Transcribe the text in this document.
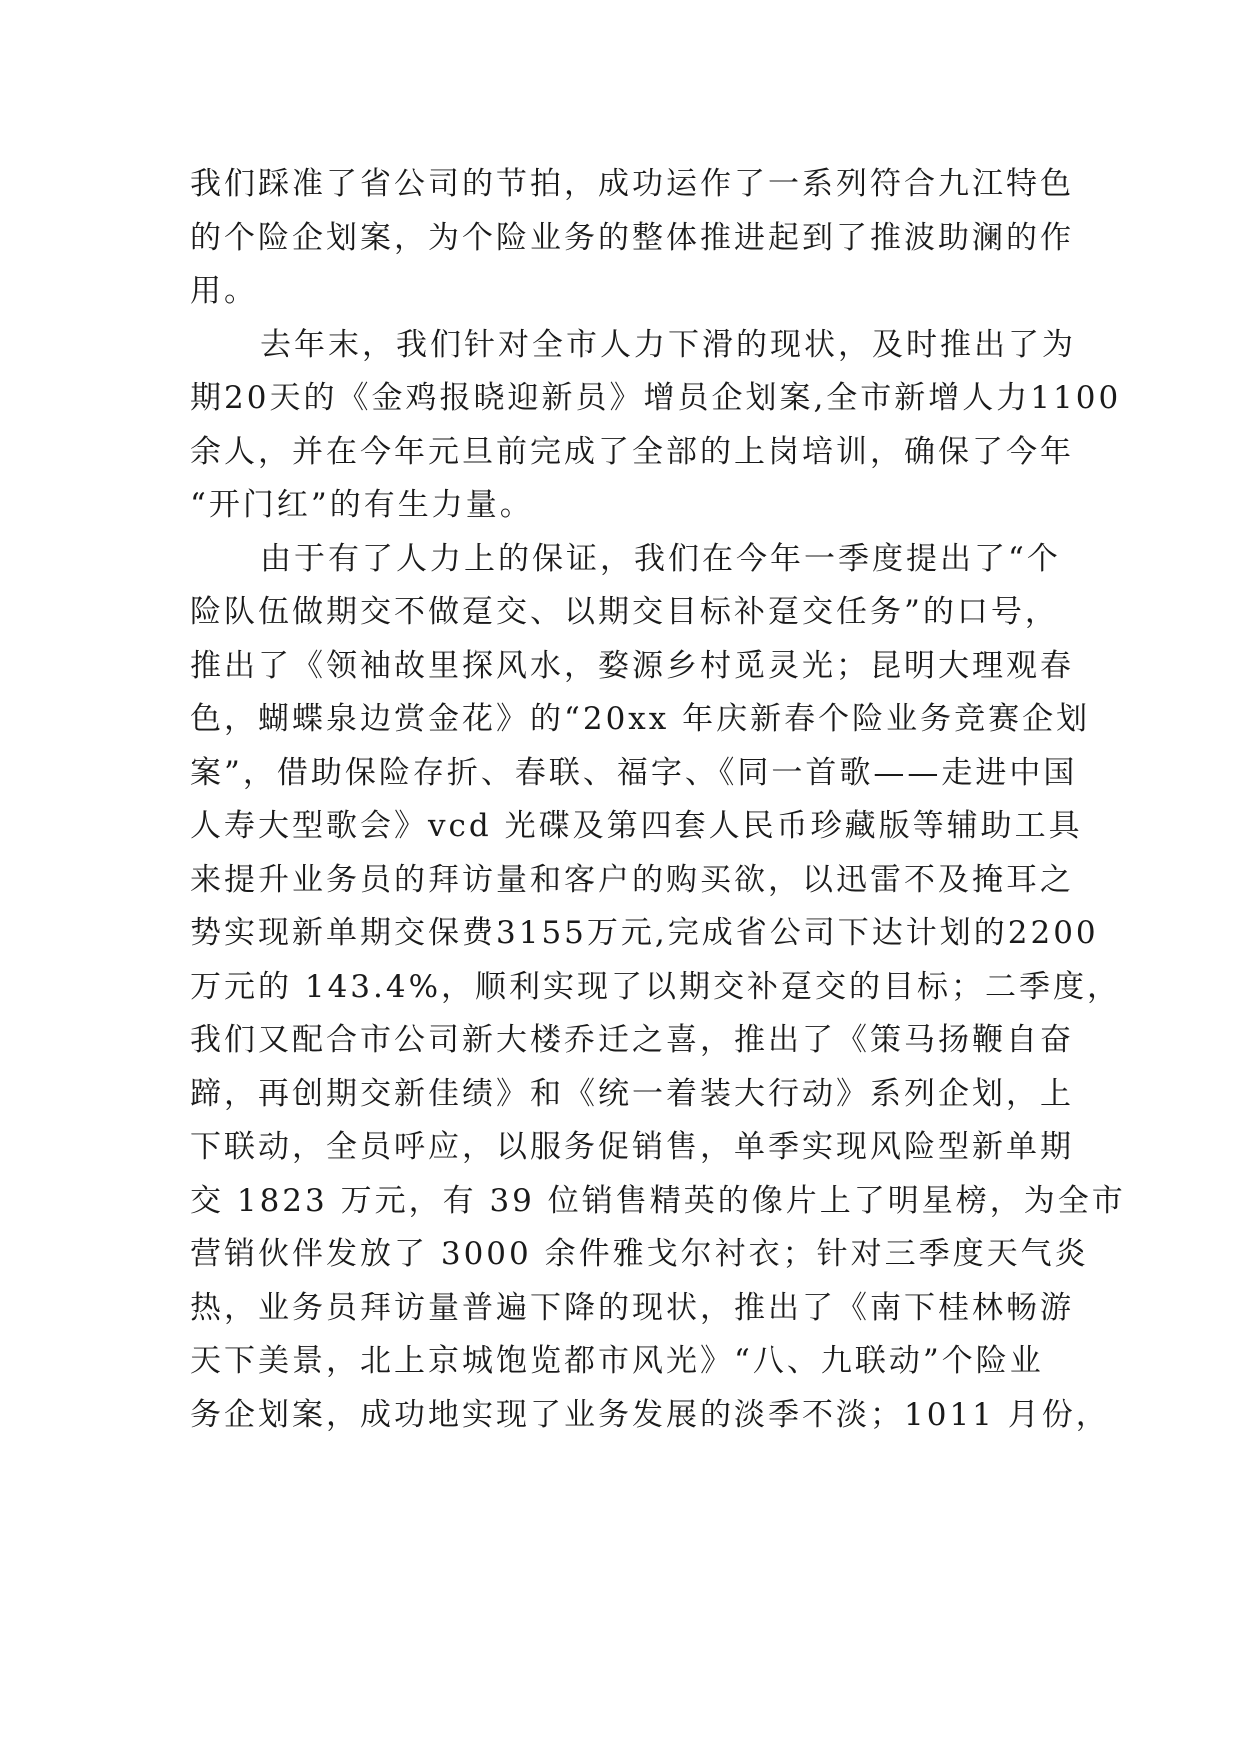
我们踩准了省公司的节拍，成功运作了一系列符合九江特色
的个险企划案，为个险业务的整体推进起到了推波助澜的作
用。
去年末，我们针对全市人力下滑的现状，及时推出了为
期20天的《金鸡报晓迎新员》增员企划案,全市新增人力1100
余人，并在今年元旦前完成了全部的上岗培训，确保了今年
“开门红”的有生力量。
由于有了人力上的保证，我们在今年一季度提出了“个
险队伍做期交不做趸交、以期交目标补趸交任务”的口号，
推出了《领袖故里探风水，婺源乡村觅灵光；昆明大理观春
色，蝴蝶泉边赏金花》的“20xx 年庆新春个险业务竞赛企划
案”，借助保险存折、春联、福字、《同一首歌——走进中国
人寿大型歌会》vcd 光碟及第四套人民币珍藏版等辅助工具
来提升业务员的拜访量和客户的购买欲，以迅雷不及掩耳之
势实现新单期交保费3155万元,完成省公司下达计划的2200
万元的 143.4%，顺利实现了以期交补趸交的目标；二季度，
我们又配合市公司新大楼乔迁之喜，推出了《策马扬鞭自奋
蹄，再创期交新佳绩》和《统一着装大行动》系列企划，上
下联动，全员呼应，以服务促销售，单季实现风险型新单期
交 1823 万元，有 39 位销售精英的像片上了明星榜，为全市
营销伙伴发放了 3000 余件雅戈尔衬衣；针对三季度天气炎
热，业务员拜访量普遍下降的现状，推出了《南下桂林畅游
天下美景，北上京城饱览都市风光》“八、九联动”个险业
务企划案，成功地实现了业务发展的淡季不淡；1011 月份，
